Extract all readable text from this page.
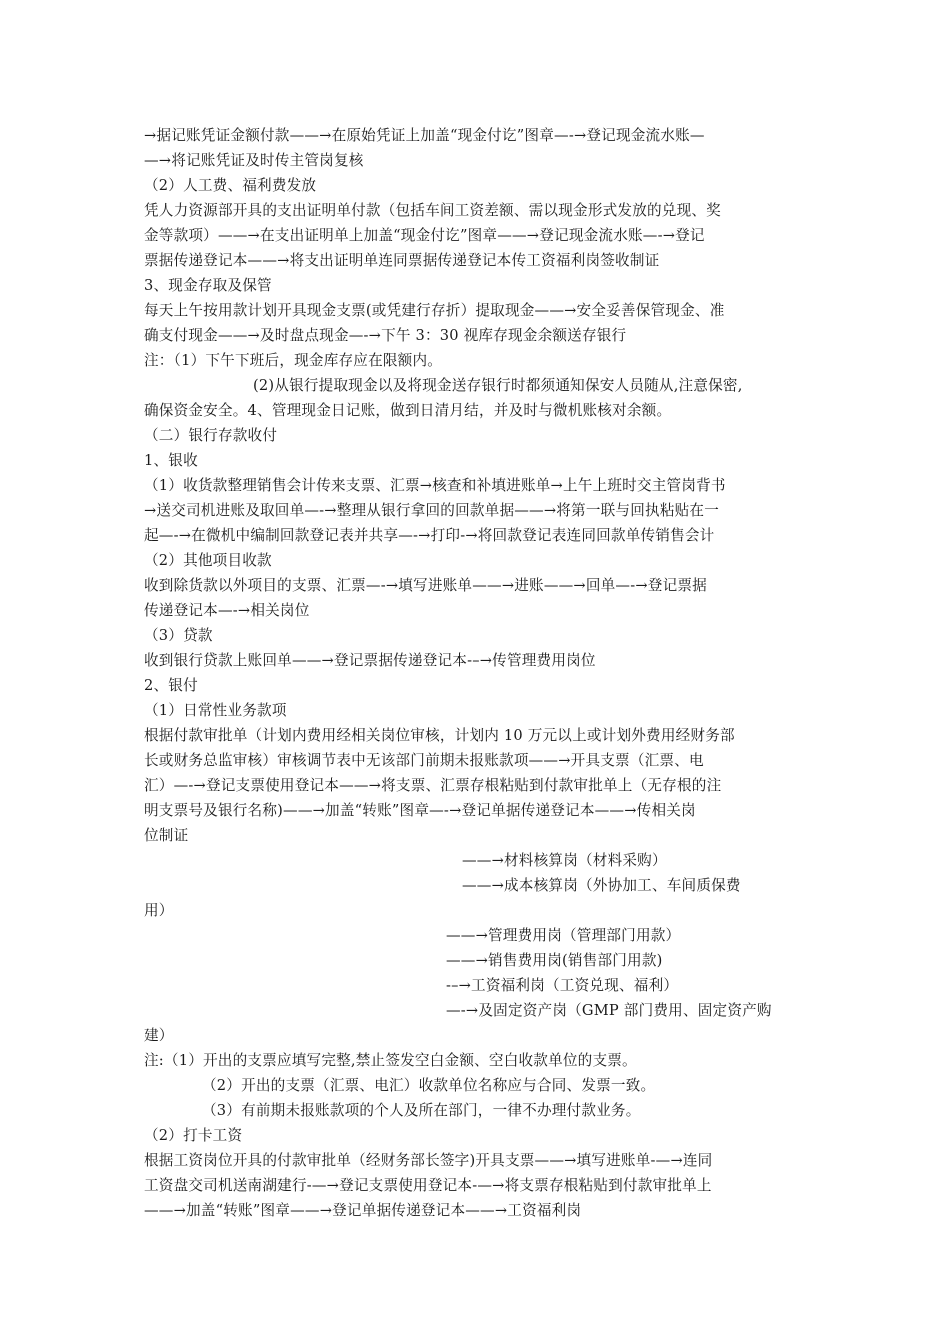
→据记账凭证金额付款——→在原始凭证上加盖“现金付讫”图章—-→登记现金流水账—

—→将记账凭证及时传主管岗复核

（2）人工费、福利费发放

凭人力资源部开具的支出证明单付款（包括车间工资差额、需以现金形式发放的兑现、奖

金等款项）——→在支出证明单上加盖“现金付讫”图章——→登记现金流水账—-→登记

票据传递登记本——→将支出证明单连同票据传递登记本传工资福利岗签收制证

3、现金存取及保管

每天上午按用款计划开具现金支票(或凭建行存折）提取现金——→安全妥善保管现金、准

确支付现金——→及时盘点现金—-→下午 3：30 视库存现金余额送存银行

注：（1）下午下班后，现金库存应在限额内。

(2)从银行提取现金以及将现金送存银行时都须通知保安人员随从,注意保密,

确保资金安全。4、管理现金日记账，做到日清月结，并及时与微机账核对余额。

（二）银行存款收付

1、银收

（1）收货款整理销售会计传来支票、汇票→核查和补填进账单→上午上班时交主管岗背书

→送交司机进账及取回单—-→整理从银行拿回的回款单据——→将第一联与回执粘贴在一

起—-→在微机中编制回款登记表并共享—-→打印-→将回款登记表连同回款单传销售会计

（2）其他项目收款

收到除货款以外项目的支票、汇票—-→填写进账单——→进账——→回单—-→登记票据

传递登记本—-→相关岗位

（3）贷款

收到银行贷款上账回单——→登记票据传递登记本-–→传管理费用岗位

2、银付

（1）日常性业务款项

根据付款审批单（计划内费用经相关岗位审核，计划内 10 万元以上或计划外费用经财务部

长或财务总监审核）审核调节表中无该部门前期未报账款项——→开具支票（汇票、电

汇）—-→登记支票使用登记本——→将支票、汇票存根粘贴到付款审批单上（无存根的注

明支票号及银行名称)——→加盖“转账”图章—-→登记单据传递登记本——→传相关岗

位制证

——→材料核算岗（材料采购）

——→成本核算岗（外协加工、车间质保费

用）

——→管理费用岗（管理部门用款）

——→销售费用岗(销售部门用款)

-–→工资福利岗（工资兑现、福利）

—-→及固定资产岗（GMP 部门费用、固定资产购

建）

注:（1）开出的支票应填写完整,禁止签发空白金额、空白收款单位的支票。

（2）开出的支票（汇票、电汇）收款单位名称应与合同、发票一致。

（3）有前期未报账款项的个人及所在部门，一律不办理付款业务。

（2）打卡工资

根据工资岗位开具的付款审批单（经财务部长签字)开具支票——→填写进账单-—→连同

工资盘交司机送南湖建行-—→登记支票使用登记本-—→将支票存根粘贴到付款审批单上

——→加盖“转账”图章——→登记单据传递登记本——→工资福利岗
